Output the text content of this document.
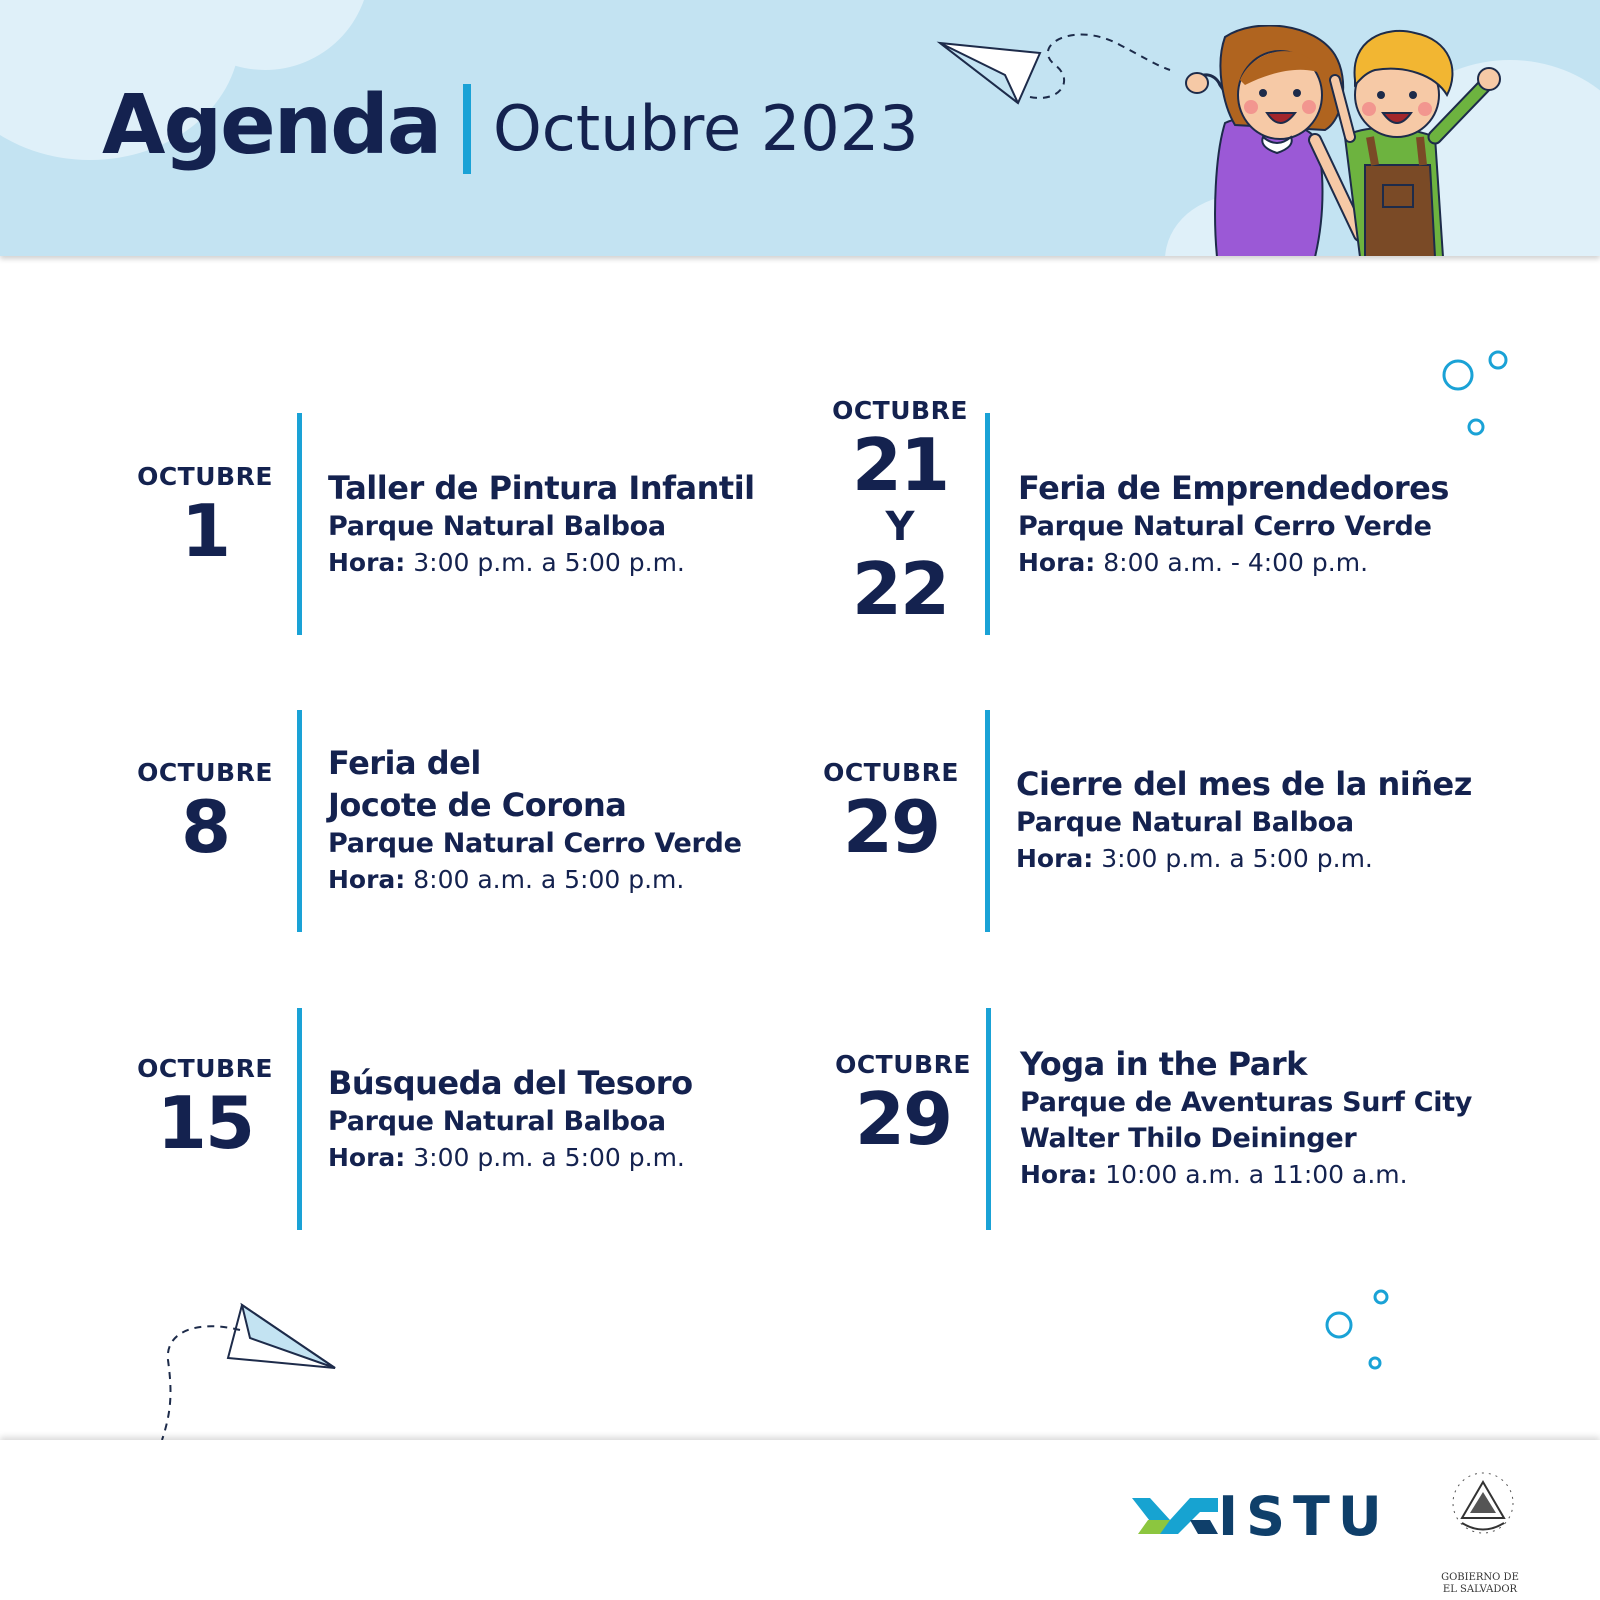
Agenda Octubre 2023
OCTUBRE
1
Taller de Pintura Infantil
Parque Natural Balboa
Hora: 3:00 p.m. a 5:00 p.m.
OCTUBRE
21
Y
22
Feria de Emprendedores
Parque Natural Cerro Verde
Hora: 8:00 a.m. - 4:00 p.m.
OCTUBRE
8
Feria del
Jocote de Corona
Parque Natural Cerro Verde
Hora: 8:00 a.m. a 5:00 p.m.
OCTUBRE
29
Cierre del mes de la niñez
Parque Natural Balboa
Hora: 3:00 p.m. a 5:00 p.m.
OCTUBRE
15	Búsqueda del Tesoro
Parque Natural Balboa
Hora: 3:00 p.m. a 5:00 p.m.
OCTUBRE
29
Yoga in the Park
Parque de Aventuras Surf City
Walter Thilo Deininger
Hora: 10:00 a.m. a 11:00 a.m.
ISTU
GOBIERNO DE
EL SALVADOR
